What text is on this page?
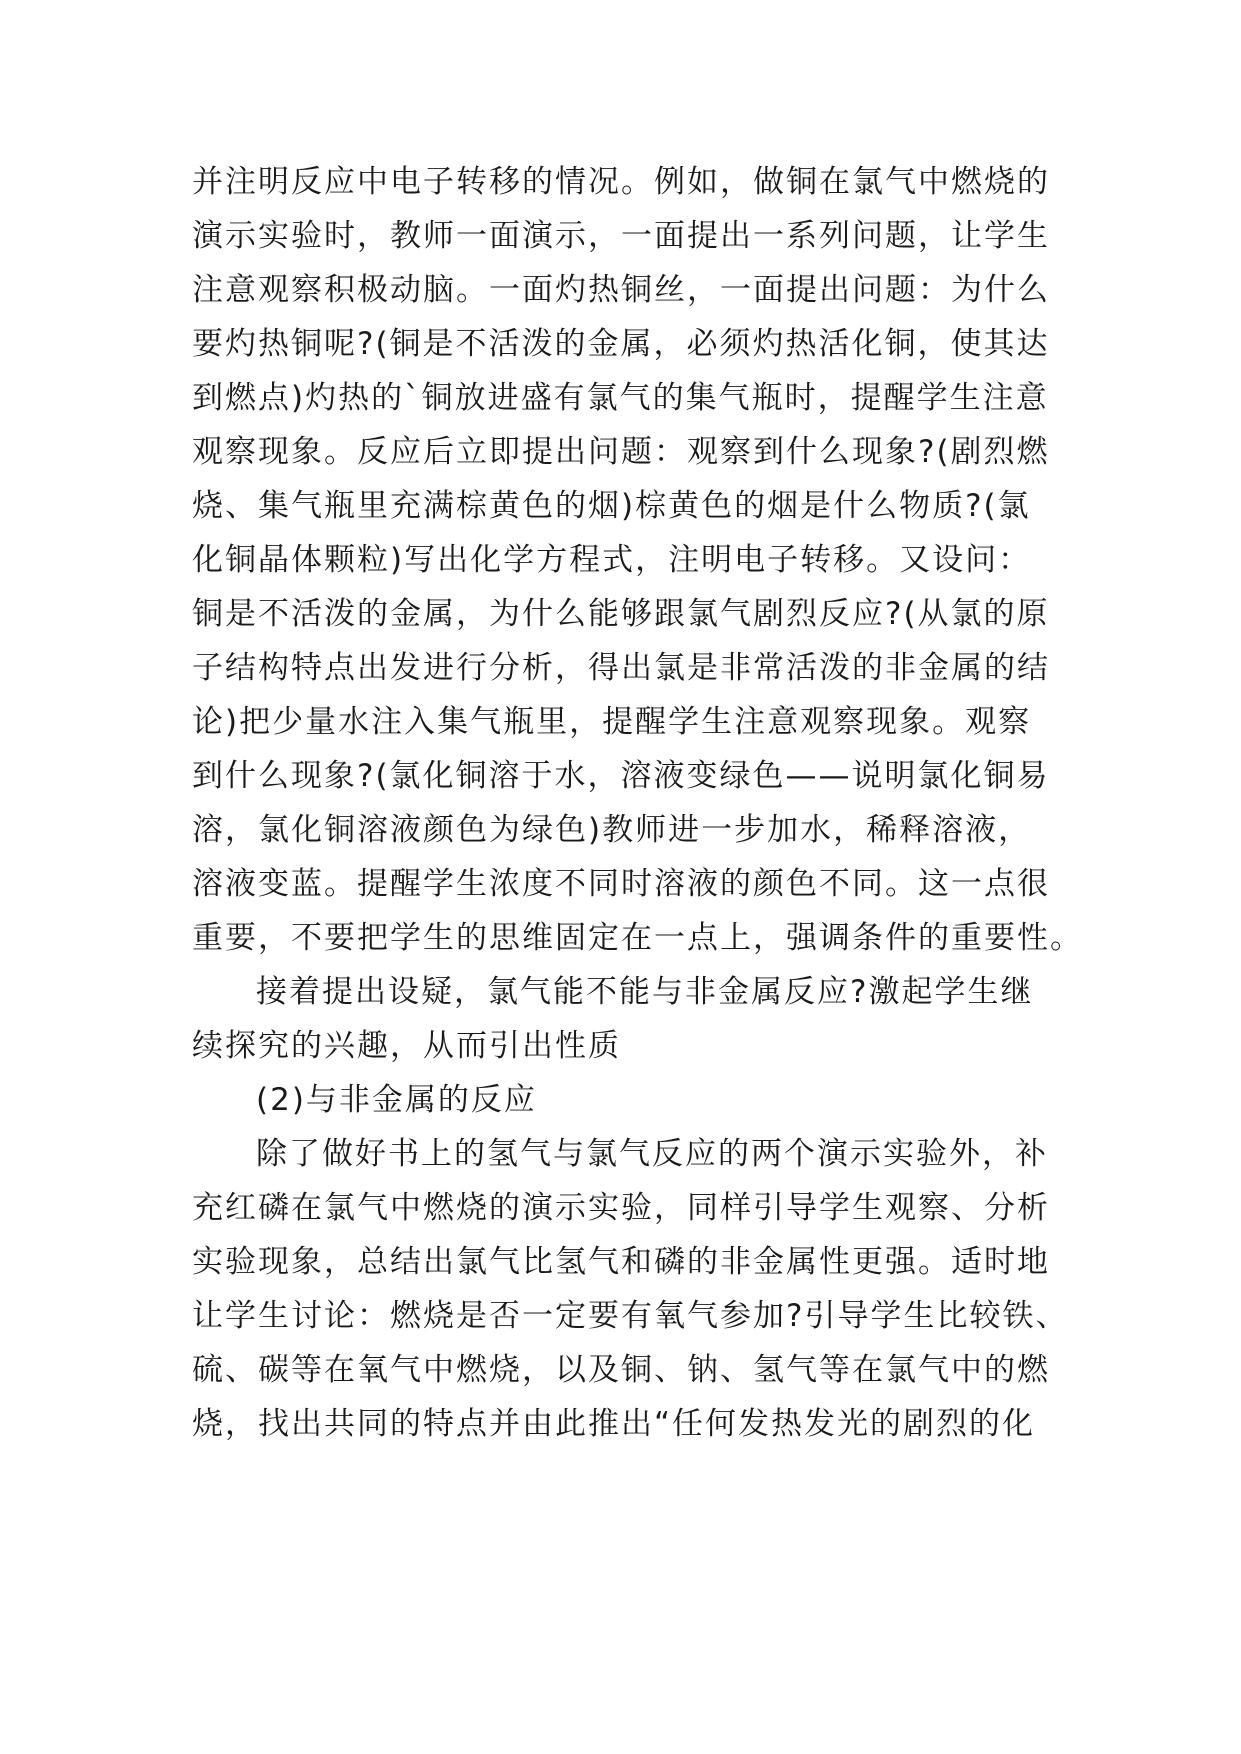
并注明反应中电子转移的情况。例如，做铜在氯气中燃烧的
演示实验时，教师一面演示，一面提出一系列问题，让学生
注意观察积极动脑。一面灼热铜丝，一面提出问题：为什么
要灼热铜呢?(铜是不活泼的金属，必须灼热活化铜，使其达
到燃点)灼热的`铜放进盛有氯气的集气瓶时，提醒学生注意
观察现象。反应后立即提出问题：观察到什么现象?(剧烈燃
烧、集气瓶里充满棕黄色的烟)棕黄色的烟是什么物质?(氯
化铜晶体颗粒)写出化学方程式，注明电子转移。又设问：
铜是不活泼的金属，为什么能够跟氯气剧烈反应?(从氯的原
子结构特点出发进行分析，得出氯是非常活泼的非金属的结
论)把少量水注入集气瓶里，提醒学生注意观察现象。观察
到什么现象?(氯化铜溶于水，溶液变绿色——说明氯化铜易
溶，氯化铜溶液颜色为绿色)教师进一步加水，稀释溶液，
溶液变蓝。提醒学生浓度不同时溶液的颜色不同。这一点很
重要，不要把学生的思维固定在一点上，强调条件的重要性。
接着提出设疑，氯气能不能与非金属反应?激起学生继
续探究的兴趣，从而引出性质
(2)与非金属的反应
除了做好书上的氢气与氯气反应的两个演示实验外，补
充红磷在氯气中燃烧的演示实验，同样引导学生观察、分析
实验现象，总结出氯气比氢气和磷的非金属性更强。适时地
让学生讨论：燃烧是否一定要有氧气参加?引导学生比较铁、
硫、碳等在氧气中燃烧，以及铜、钠、氢气等在氯气中的燃
烧，找出共同的特点并由此推出“任何发热发光的剧烈的化
